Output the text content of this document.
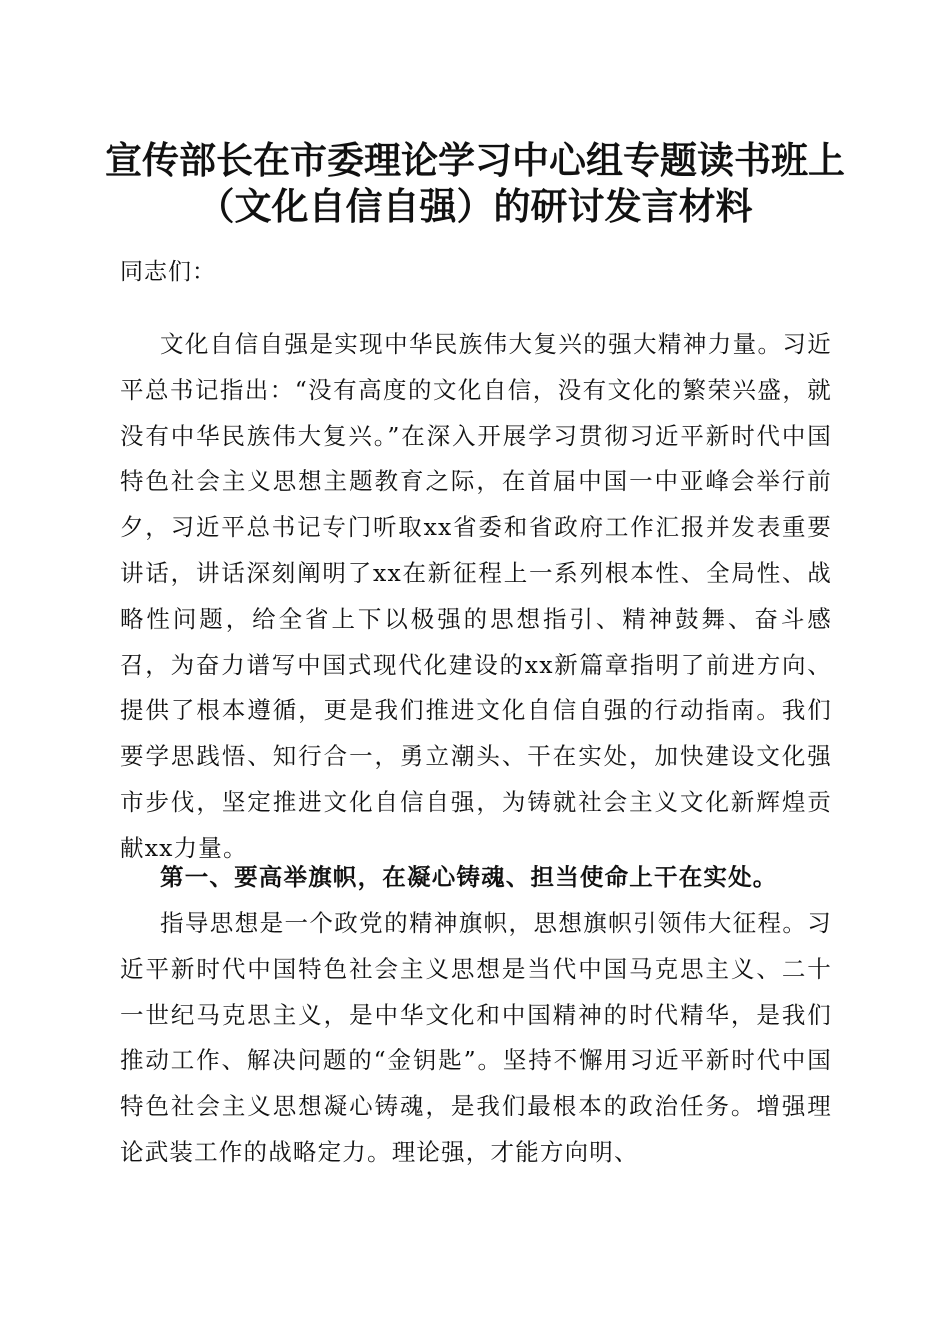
宣传部长在市委理论学习中心组专题读书班上
（文化自信自强）的研讨发言材料
同志们：

文化自信自强是实现中华民族伟大复兴的强大精神力量。习近平总书记指出：“没有高度的文化自信，没有文化的繁荣兴盛，就没有中华民族伟大复兴。”在深入开展学习贯彻习近平新时代中国特色社会主义思想主题教育之际，在首届中国一中亚峰会举行前夕，习近平总书记专门听取xx省委和省政府工作汇报并发表重要讲话，讲话深刻阐明了xx在新征程上一系列根本性、全局性、战略性问题，给全省上下以极强的思想指引、精神鼓舞、奋斗感召，为奋力谱写中国式现代化建设的xx新篇章指明了前进方向、提供了根本遵循，更是我们推进文化自信自强的行动指南。我们要学思践悟、知行合一，勇立潮头、干在实处，加快建设文化强市步伐，坚定推进文化自信自强，为铸就社会主义文化新辉煌贡献xx力量。

第一、要高举旗帜，在凝心铸魂、担当使命上干在实处。

指导思想是一个政党的精神旗帜，思想旗帜引领伟大征程。习近平新时代中国特色社会主义思想是当代中国马克思主义、二十一世纪马克思主义，是中华文化和中国精神的时代精华，是我们推动工作、解决问题的“金钥匙”。坚持不懈用习近平新时代中国特色社会主义思想凝心铸魂，是我们最根本的政治任务。增强理论武装工作的战略定力。理论强，才能方向明、
